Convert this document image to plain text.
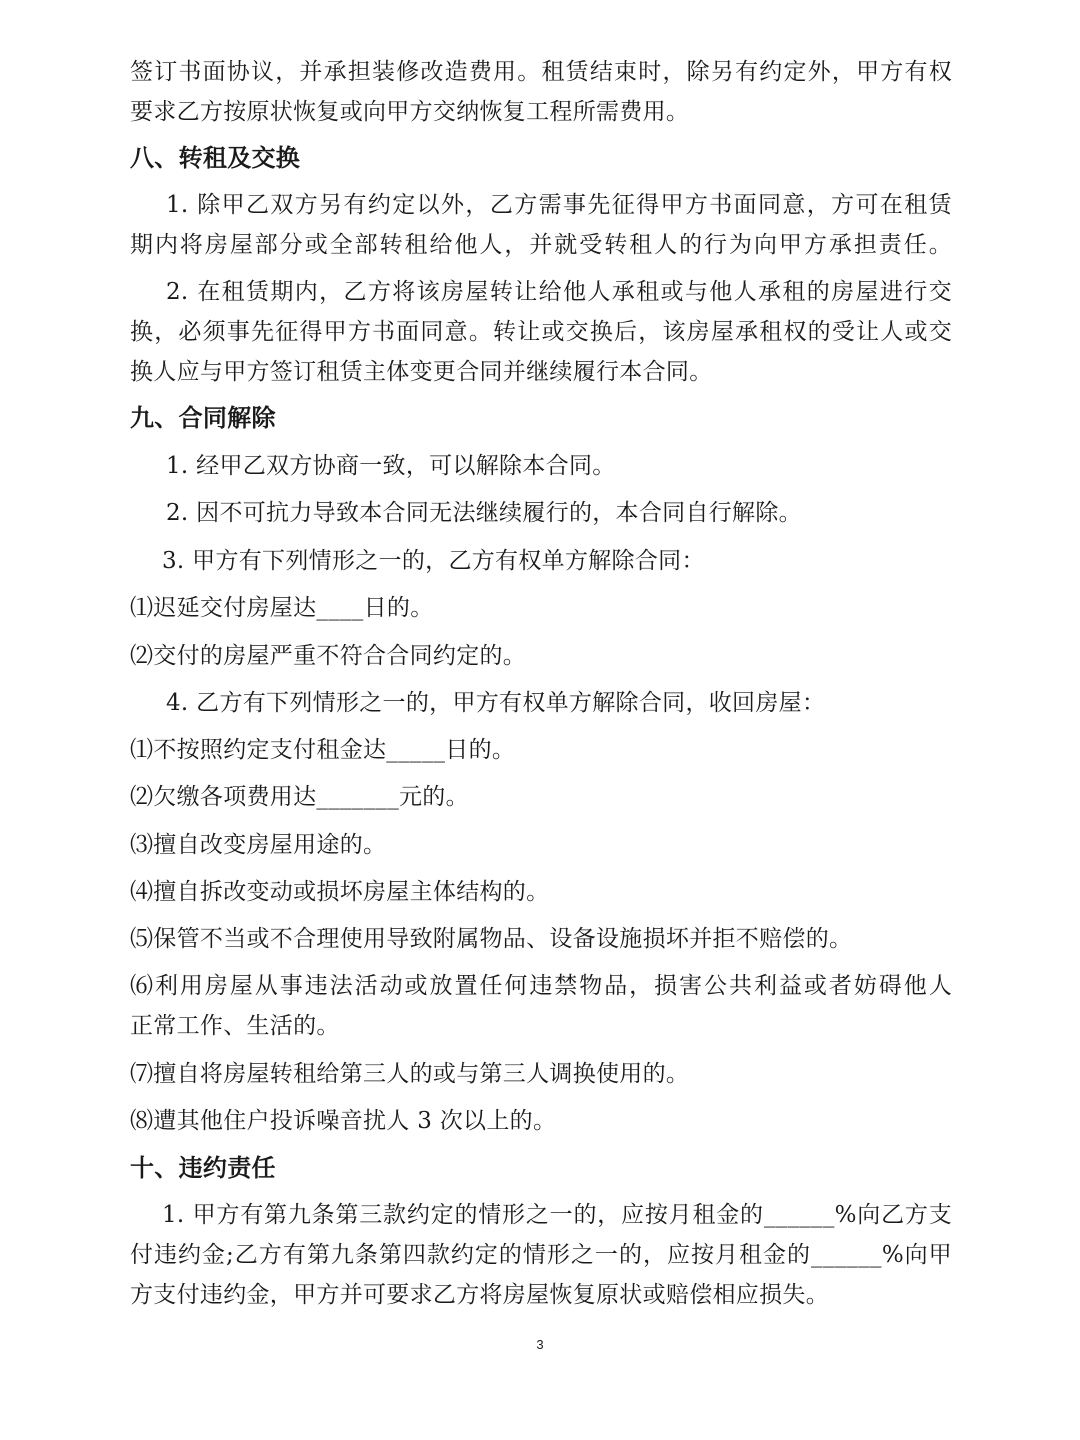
签订书面协议，并承担装修改造费用。租赁结束时，除另有约定外，甲方有权
要求乙方按原状恢复或向甲方交纳恢复工程所需费用。
八、转租及交换
1. 除甲乙双方另有约定以外，乙方需事先征得甲方书面同意，方可在租赁
期内将房屋部分或全部转租给他人，并就受转租人的行为向甲方承担责任。
2. 在租赁期内，乙方将该房屋转让给他人承租或与他人承租的房屋进行交
换，必须事先征得甲方书面同意。转让或交换后，该房屋承租权的受让人或交
换人应与甲方签订租赁主体变更合同并继续履行本合同。
九、合同解除
1. 经甲乙双方协商一致，可以解除本合同。
2. 因不可抗力导致本合同无法继续履行的，本合同自行解除。
3. 甲方有下列情形之一的，乙方有权单方解除合同：
⑴迟延交付房屋达____日的。
⑵交付的房屋严重不符合合同约定的。
4. 乙方有下列情形之一的，甲方有权单方解除合同，收回房屋：
⑴不按照约定支付租金达_____日的。
⑵欠缴各项费用达_______元的。
⑶擅自改变房屋用途的。
⑷擅自拆改变动或损坏房屋主体结构的。
⑸保管不当或不合理使用导致附属物品、设备设施损坏并拒不赔偿的。
⑹利用房屋从事违法活动或放置任何违禁物品，损害公共利益或者妨碍他人
正常工作、生活的。
⑺擅自将房屋转租给第三人的或与第三人调换使用的。
⑻遭其他住户投诉噪音扰人 3 次以上的。
十、违约责任
1. 甲方有第九条第三款约定的情形之一的，应按月租金的______%向乙方支
付违约金;乙方有第九条第四款约定的情形之一的，应按月租金的______%向甲
方支付违约金，甲方并可要求乙方将房屋恢复原状或赔偿相应损失。
3
